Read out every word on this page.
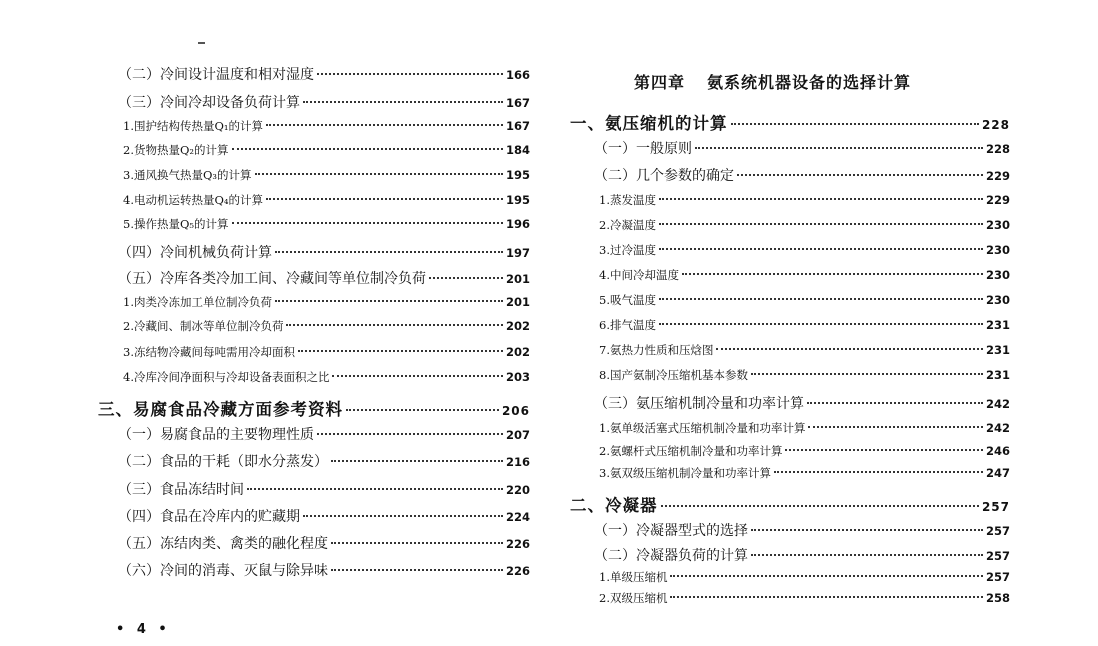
（二）冷间设计温度和相对湿度	166
（三）冷间冷却设备负荷计算	167
1.围护结构传热量Q₁的计算	167
2.货物热量Q₂的计算	184
3.通风换气热量Q₃的计算	195
4.电动机运转热量Q₄的计算	195
5.操作热量Q₅的计算	196
（四）冷间机械负荷计算	197
（五）冷库各类冷加工间、冷藏间等单位制冷负荷	201
1.肉类冷冻加工单位制冷负荷	201
2.冷藏间、制冰等单位制冷负荷	202
3.冻结物冷藏间每吨需用冷却面积	202
4.冷库冷间净面积与冷却设备表面积之比	203
三、易腐食品冷藏方面参考资料	206
（一）易腐食品的主要物理性质	207
（二）食品的干耗（即水分蒸发）	216
（三）食品冻结时间	220
（四）食品在冷库内的贮藏期	224
（五）冻结肉类、禽类的融化程度	226
（六）冷间的消毒、灭鼠与除异味	226
第四章 氨系统机器设备的选择计算
一、氨压缩机的计算	228
（一）一般原则	228
（二）几个参数的确定	229
1.蒸发温度	229
2.冷凝温度	230
3.过冷温度	230
4.中间冷却温度	230
5.吸气温度	230
6.排气温度	231
7.氨热力性质和压焓图	231
8.国产氨制冷压缩机基本参数	231
（三）氨压缩机制冷量和功率计算	242
1.氨单级活塞式压缩机制冷量和功率计算	242
2.氨螺杆式压缩机制冷量和功率计算	246
3.氨双级压缩机制冷量和功率计算	247
二、冷凝器	257
（一）冷凝器型式的选择	257
（二）冷凝器负荷的计算	257
1.单级压缩机	257
2.双级压缩机	258
• 4 •
